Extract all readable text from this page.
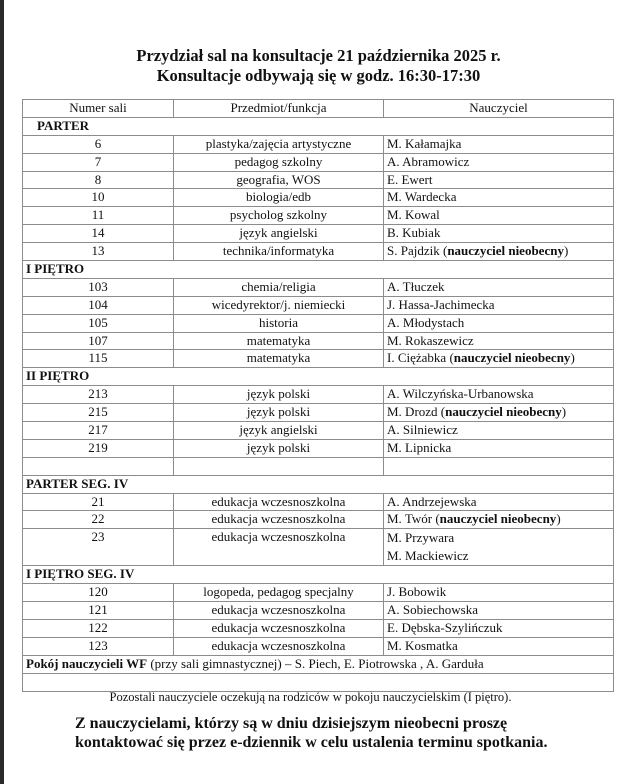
Przydział sal na konsultacje 21 października 2025 r.
Konsultacje odbywają się w godz. 16:30-17:30
Numer sali	Przedmiot/funkcja	Nauczyciel
PARTER		
6	plastyka/zajęcia artystyczne	M. Kałamajka
7	pedagog szkolny	A. Abramowicz
8	geografia, WOS	E. Ewert
10	biologia/edb	M. Wardecka
11	psycholog szkolny	M. Kowal
14	język angielski	B. Kubiak
13	technika/informatyka	S. Pajdzik (nauczyciel nieobecny)
I PIĘTRO		
103	chemia/religia	A. Tłuczek
104	wicedyrektor/j. niemiecki	J. Hassa-Jachimecka
105	historia	A. Młodystach
107	matematyka	M. Rokaszewicz
115	matematyka	I. Ciężabka (nauczyciel nieobecny)
II PIĘTRO		
213	język polski	A. Wilczyńska-Urbanowska
215	język polski	M. Drozd (nauczyciel nieobecny)
217	język angielski	A. Silniewicz
219	język polski	M. Lipnicka

PARTER SEG. IV		
21	edukacja wczesnoszkolna	A. Andrzejewska
22	edukacja wczesnoszkolna	M. Twór (nauczyciel nieobecny)
23	edukacja wczesnoszkolna	M. Przywara
M. Mackiewicz

I PIĘTRO SEG. IV		
120	logopeda, pedagog specjalny	J. Bobowik
121	edukacja wczesnoszkolna	A. Sobiechowska
122	edukacja wczesnoszkolna	E. Dębska-Szylińczuk
123	edukacja wczesnoszkolna	M. Kosmatka
Pokój nauczycieli WF (przy sali gimnastycznej) – S. Piech, E. Piotrowska , A. Garduła		

Pozostali nauczyciele oczekują na rodziców w pokoju nauczycielskim (I piętro).
Z nauczycielami, którzy są w dniu dzisiejszym nieobecni proszę kontaktować się przez e-dziennik w celu ustalenia terminu spotkania.
